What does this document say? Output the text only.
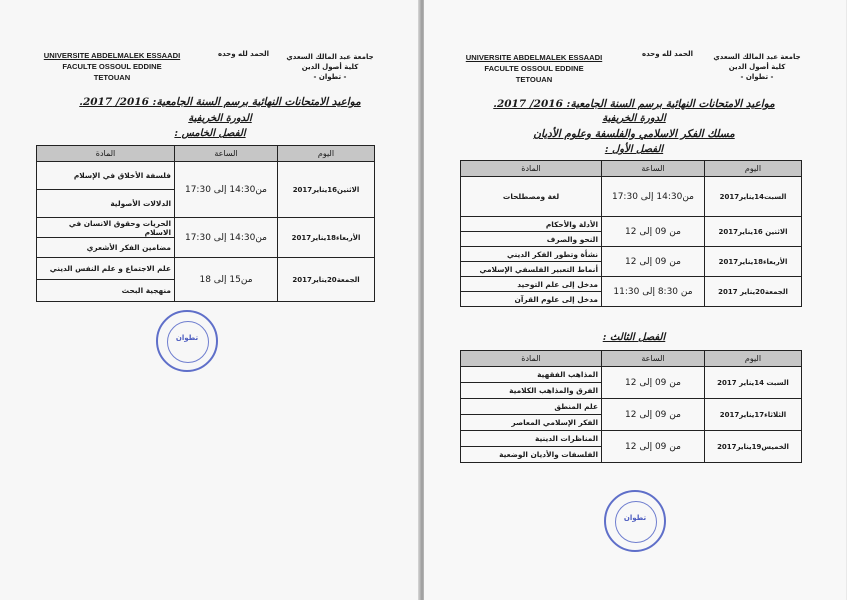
UNIVERSITE ABDELMALEK ESSAADI
FACULTE OSSOUL EDDINE
TETOUAN
الحمد لله وحده جامعة عبد المالك السعدي
كلية أصول الدين
- تطوان -
مواعيد الامتحانات النهائية برسم السنة الجامعية: 2016/ 2017.
الدورة الخريفية
الفصل الخامس :
اليوم	الساعة	المادة
الاثنين16يناير2017	من14:30 إلى 17:30	فلسفة الأخلاق في الإسلام
		الدلالات الأصولية
الأربعاء18يناير2017	من14:30 إلى 17:30	الحريات وحقوق الانسان في الاسلام
		مضامين الفكر الأشعري
الجمعة20يناير2017	من15 إلى 18	علم الاجتماع و علم النفس الديني
		منهجية البحث
تطوان
UNIVERSITE ABDELMALEK ESSAADI
FACULTE OSSOUL EDDINE
TETOUAN
الحمد لله وحده	جامعة عبد المالك السعدي
كلية أصول الدين
- تطوان -
مواعيد الامتحانات النهائية برسم السنة الجامعية: 2016/ 2017.
الدورة الخريفية
مسلك الفكر الاسلامي والفلسفة وعلوم الأديان
الفصل الأول :
اليوم	الساعة	المادة
السبت14يناير2017	من14:30 إلى 17:30	لغة ومصطلحات
الاثنين 16يناير2017	من 09 إلى 12	الأدلة والأحكام
		النحو والصرف
الأربعاء18يناير2017	من 09 إلى 12	نشأة وتطور الفكر الديني
		أنماط التعبير الفلسفي الإسلامي
الجمعة20يناير 2017	من 8:30 إلى 11:30	مدخل إلى علم التوحيد
		مدخل إلى علوم القرآن
الفصل الثالث :
اليوم	الساعة	المادة
السبت 14يناير 2017	من 09 إلى 12	المذاهب الفقهية
		الفرق والمذاهب الكلامية
الثلاثاء17يناير2017	من 09 إلى 12	علم المنطق
		الفكر الإسلامي المعاصر
الخميس19يناير2017	من 09 إلى 12	المناظرات الدينية
		الفلسفات والأديان الوضعية
تطوان
